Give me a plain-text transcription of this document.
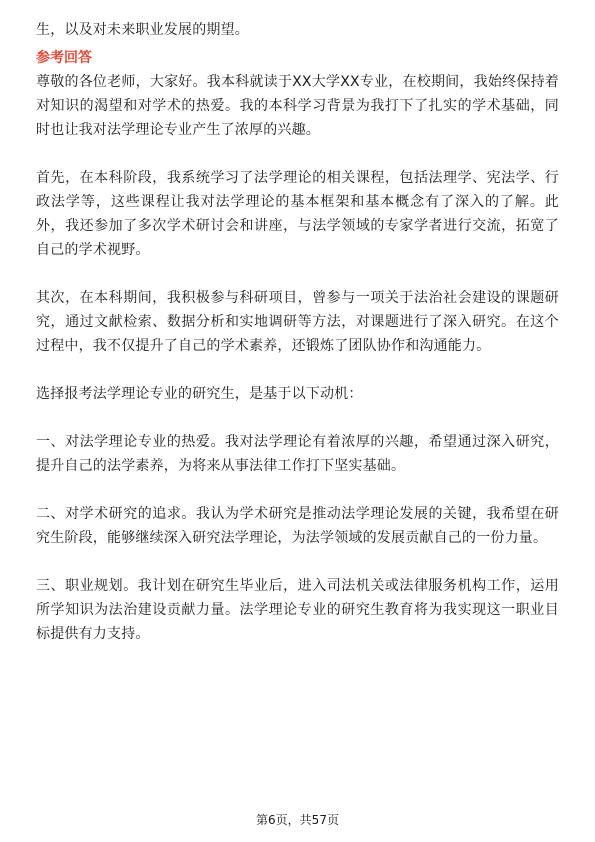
生，以及对未来职业发展的期望。

参考回答

尊敬的各位老师，大家好。我本科就读于XX大学XX专业，在校期间，我始终保持着对知识的渴望和对学术的热爱。我的本科学习背景为我打下了扎实的学术基础，同时也让我对法学理论专业产生了浓厚的兴趣。

首先，在本科阶段，我系统学习了法学理论的相关课程，包括法理学、宪法学、行政法学等，这些课程让我对法学理论的基本框架和基本概念有了深入的了解。此外，我还参加了多次学术研讨会和讲座，与法学领域的专家学者进行交流，拓宽了自己的学术视野。

其次，在本科期间，我积极参与科研项目，曾参与一项关于法治社会建设的课题研究，通过文献检索、数据分析和实地调研等方法，对课题进行了深入研究。在这个过程中，我不仅提升了自己的学术素养，还锻炼了团队协作和沟通能力。

选择报考法学理论专业的研究生，是基于以下动机：

一、对法学理论专业的热爱。我对法学理论有着浓厚的兴趣，希望通过深入研究，提升自己的法学素养，为将来从事法律工作打下坚实基础。

二、对学术研究的追求。我认为学术研究是推动法学理论发展的关键，我希望在研究生阶段，能够继续深入研究法学理论，为法学领域的发展贡献自己的一份力量。

三、职业规划。我计划在研究生毕业后，进入司法机关或法律服务机构工作，运用所学知识为法治建设贡献力量。法学理论专业的研究生教育将为我实现这一职业目标提供有力支持。

第6页，共57页
